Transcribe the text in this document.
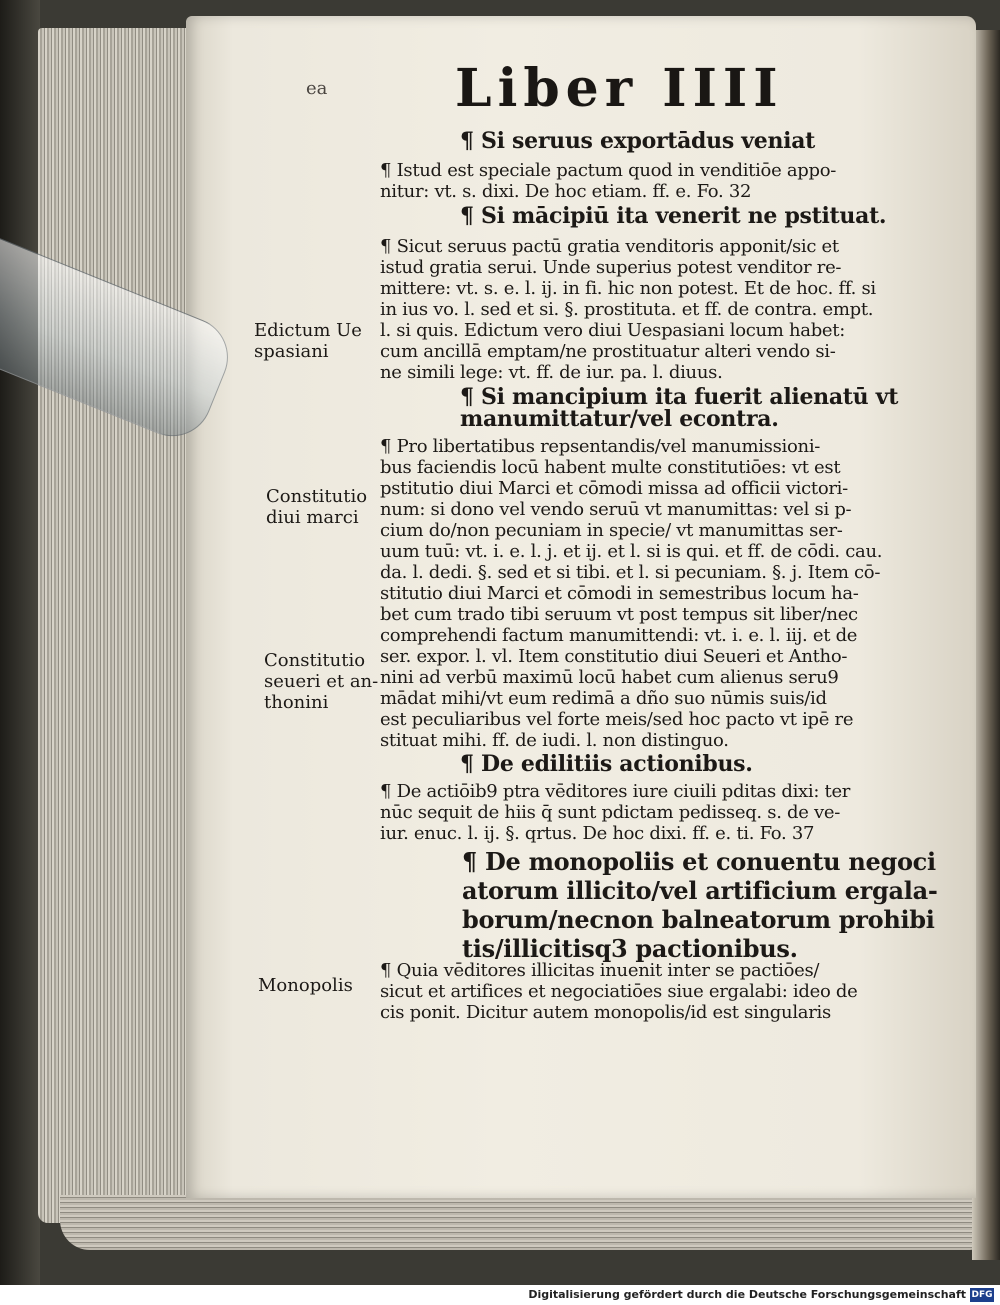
ea Liber IIII
¶ Si seruus exportādus veniat
¶ Istud est speciale pactum quod in venditiōe appo-
nitur: vt. s. dixi. De hoc etiam. ff. e. Fo. 32
¶ Si mācipiū ita venerit ne pstituat.
¶ Sicut seruus pactū gratia venditoris apponit/sic et
istud gratia serui. Unde superius potest venditor re-
mittere: vt. s. e. l. ij. in fi. hic non potest. Et de hoc. ff. si
in ius vo. l. sed et si. §. prostituta. et ff. de contra. empt.
l. si quis. Edictum vero diui Uespasiani locum habet:
cum ancillā emptam/ne prostituatur alteri vendo si-
ne simili lege: vt. ff. de iur. pa. l. diuus.
¶ Si mancipium ita fuerit alienatū vt
manumittatur/vel econtra.
¶ Pro libertatibus repsentandis/vel manumissioni-
bus faciendis locū habent multe constitutiōes: vt est
pstitutio diui Marci et cōmodi missa ad officii victori-
num: si dono vel vendo seruū vt manumittas: vel si p-
cium do/non pecuniam in specie/ vt manumittas ser-
uum tuū: vt. i. e. l. j. et ij. et l. si is qui. et ff. de cōdi. cau.
da. l. dedi. §. sed et si tibi. et l. si pecuniam. §. j. Item cō-
stitutio diui Marci et cōmodi in semestribus locum ha-
bet cum trado tibi seruum vt post tempus sit liber/nec
comprehendi factum manumittendi: vt. i. e. l. iij. et de
ser. expor. l. vl. Item constitutio diui Seueri et Antho-
nini ad verbū maximū locū habet cum alienus seru9
mādat mihi/vt eum redimā a dño suo nūmis suis/id
est peculiaribus vel forte meis/sed hoc pacto vt ipē re
stituat mihi. ff. de iudi. l. non distinguo.
¶ De edilitiis actionibus.
¶ De actiōib9 ptra vēditores iure ciuili pditas dixi: ter
nūc sequit de hiis q̄ sunt pdictam pedisseq. s. de ve-
iur. enuc. l. ij. §. qrtus. De hoc dixi. ff. e. ti. Fo. 37
¶ De monopoliis et conuentu negoci
atorum illicito/vel artificium ergala-
borum/necnon balneatorum prohibi
tis/illicitisq3 pactionibus.
¶ Quia vēditores illicitas inuenit inter se pactiōes/
sicut et artifices et negociatiōes siue ergalabi: ideo de
cis ponit. Dicitur autem monopolis/id est singularis
Edictum Ue
spasiani
Constitutio
diui marci
Constitutio
seueri et an-
thonini
Monopolis
Digitalisierung gefördert durch die Deutsche Forschungsgemeinschaft DFG
